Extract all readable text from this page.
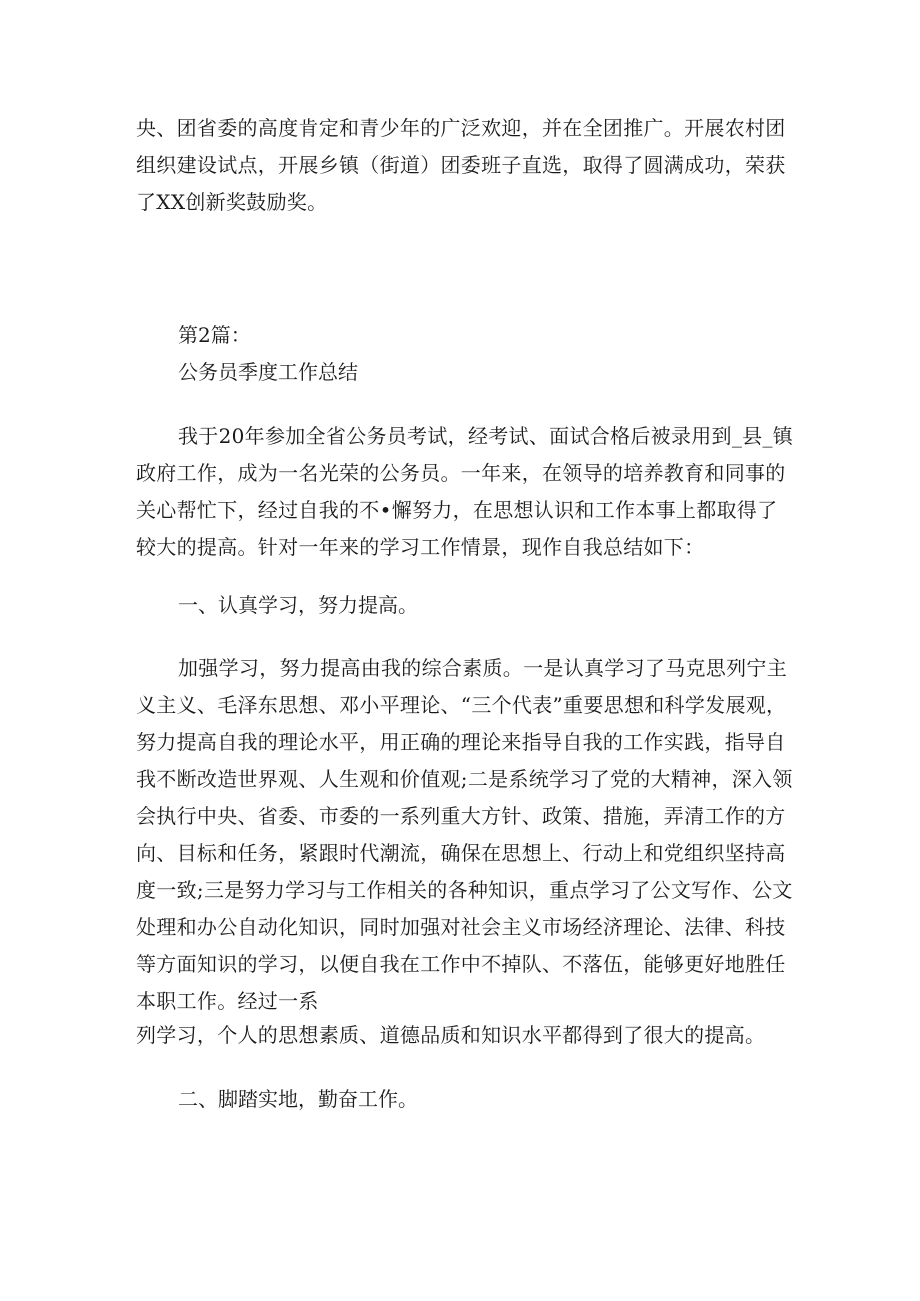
央、团省委的高度肯定和青少年的广泛欢迎，并在全团推广。开展农村团组织建设试点，开展乡镇（街道）团委班子直选，取得了圆满成功，荣获了XX创新奖鼓励奖。

第2篇：

公务员季度工作总结

我于20年参加全省公务员考试，经考试、面试合格后被录用到_县_镇政府工作，成为一名光荣的公务员。一年来，在领导的培养教育和同事的关心帮忙下，经过自我的不•懈努力，在思想认识和工作本事上都取得了较大的提高。针对一年来的学习工作情景，现作自我总结如下：

一、认真学习，努力提高。

加强学习，努力提高由我的综合素质。一是认真学习了马克思列宁主义主义、毛泽东思想、邓小平理论、“三个代表”重要思想和科学发展观，努力提高自我的理论水平，用正确的理论来指导自我的工作实践，指导自我不断改造世界观、人生观和价值观;二是系统学习了党的大精神，深入领会执行中央、省委、市委的一系列重大方针、政策、措施，弄清工作的方向、目标和任务，紧跟时代潮流，确保在思想上、行动上和党组织坚持高度一致;三是努力学习与工作相关的各种知识，重点学习了公文写作、公文处理和办公自动化知识，同时加强对社会主义市场经济理论、法律、科技等方面知识的学习，以便自我在工作中不掉队、不落伍，能够更好地胜任本职工作。经过一系

列学习，个人的思想素质、道德品质和知识水平都得到了很大的提高。

二、脚踏实地，勤奋工作。
